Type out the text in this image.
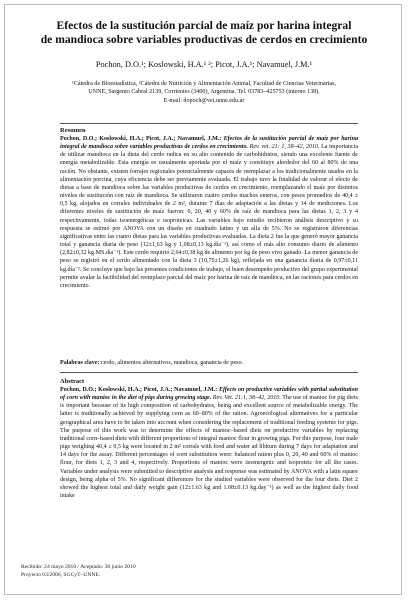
Efectos de la sustitución parcial de maíz por harina integral
de mandioca sobre variables productivas de cerdos en crecimiento
Pochon, D.O.¹; Koslowski, H.A.¹ ²; Picot, J.A.¹; Navamuel, J.M.¹
¹Cátedra de Bioestadística, ²Cátedra de Nutrición y Alimentación Animal, Facultad de Ciencias Veterinarias,
UNNE, Sargento Cabral 2139, Corrientes (3400), Argentina. Tel. 03783–425753 (interno 138).
E-mail: dopoch@vet.unne.edu.ar
Resumen
Pochon, D.O.; Koslowski, H.A.; Picot, J.A.; Navamuel, J.M.: Efectos de la sustitución parcial de maíz por harina integral de mandioca sobre variables productivas de cerdos en crecimiento. Rev. vet. 21: 1, 38–42, 2010. La importancia de utilizar mandioca en la dieta del cerdo radica en su alto contenido de carbohidratos, siendo una excelente fuente de energía metabolizable. Esta energía es usualmente aportada por el maíz y constituye alrededor del 60 al 80% de una ración. No obstante, existen forrajes regionales potencialmente capaces de reemplazar a los tradicionalmente usados en la alimentación porcina, cuya eficiencia debe ser previamente evaluada. El trabajo tuvo la finalidad de valorar el efecto de dietas a base de mandioca sobre las variables productivas de cerdos en crecimiento, reemplazando el maíz por distintos niveles de sustitución con raíz de mandioca. Se utilizaron cuatro cerdos machos enteros, con pesos promedios de 40,4 ± 0,5 kg, alojados en corrales individuales de 2 m², durante 7 días de adaptación a las dietas y 14 de mediciones. Los diferentes niveles de sustitución de maíz fueron: 0, 20, 40 y 60% de raíz de mandioca para las dietas 1, 2, 3 y 4 respectivamente, todas isoenergéticas e isoproteicas. Las variables bajo estudio recibieron análisis descriptivo y su respuesta se estimó por ANOVA con un diseño en cuadrado latino y un alfa de 5%. No se registraron diferencias significativas entre las cuatro dietas para las variables productivas evaluadas. La dieta 2 fue la que generó mayor ganancia total y ganancia diaria de peso (12±1,63 kg y 1,08±0,13 kg.día⁻¹), así como el más alto consumo diario de alimento (2,82±0,32 kg.MS.día⁻¹). Este cerdo requirió 2,64±0,38 kg de alimento por kg de peso vivo ganado. La menor ganancia de peso se registró en el cerdo alimentado con la dieta 3 (10,75±1,26 kg), reflejada en una ganancia diaria de 0,97±0,11 kg.día⁻¹. Se concluye que bajo las presentes condiciones de trabajo, el buen desempeño productivo del grupo experimental permite avalar la factibilidad del reemplazo parcial del maíz por harina de raíz de mandioca, en las raciones para cerdos en crecimiento.
Palabras clave: cerdo, alimentos alternativos, mandioca, ganancia de peso.
Abstract
Pochon, D.O.; Koslowski, H.A.; Picot, J.A.; Navamuel, J.M.: Effects on productive variables with partial substitution of corn with manioc in the diet of pigs during growing stage. Rev. Vet. 21:1, 38–42, 2010. The use of manioc for pig diets is important because of its high composition of carbohydrates, being and excellent source of metabolizable energy. The latter is traditionally achieved by supplying corn as 60–80% of the ration. Agroecological alternatives for a particular geographical area have to be taken into account when considering the replacement of traditional feeding systems for pigs. The purpose of this work was to determine the effects of manioc–based diets on productive variables by replacing traditional corn–based diets with different proportions of integral manioc flour in growing pigs. For this purpose, four male pigs weighing 40,4 ± 0,5 kg were located in 2 m² corrals with food and water ad libitum during 7 days for adaptation and 14 days for the assay. Different percentages of corn substitution were: balanced ration plus 0, 20, 40 and 60% of manioc flour, for diets 1, 2, 3 and 4, respectively. Proportions of manioc were isoenergetic and isoproteic for all the cases. Variables under analysis were submitted to descriptive analysis and response was estimated by ANOVA with a latin square design, being alpha of 5%. No significant differences for the studied variables were observed for the four diets. Diet 2 showed the highest total and daily weight gain (12±1.63 kg and 1.08±0.13 kg.day⁻¹) as well as the highest daily food intake
Recibido: 24 mayo 2010 / Aceptado: 30 junio 2010
Proyecto 03/2006, SGCyT–UNNE.
